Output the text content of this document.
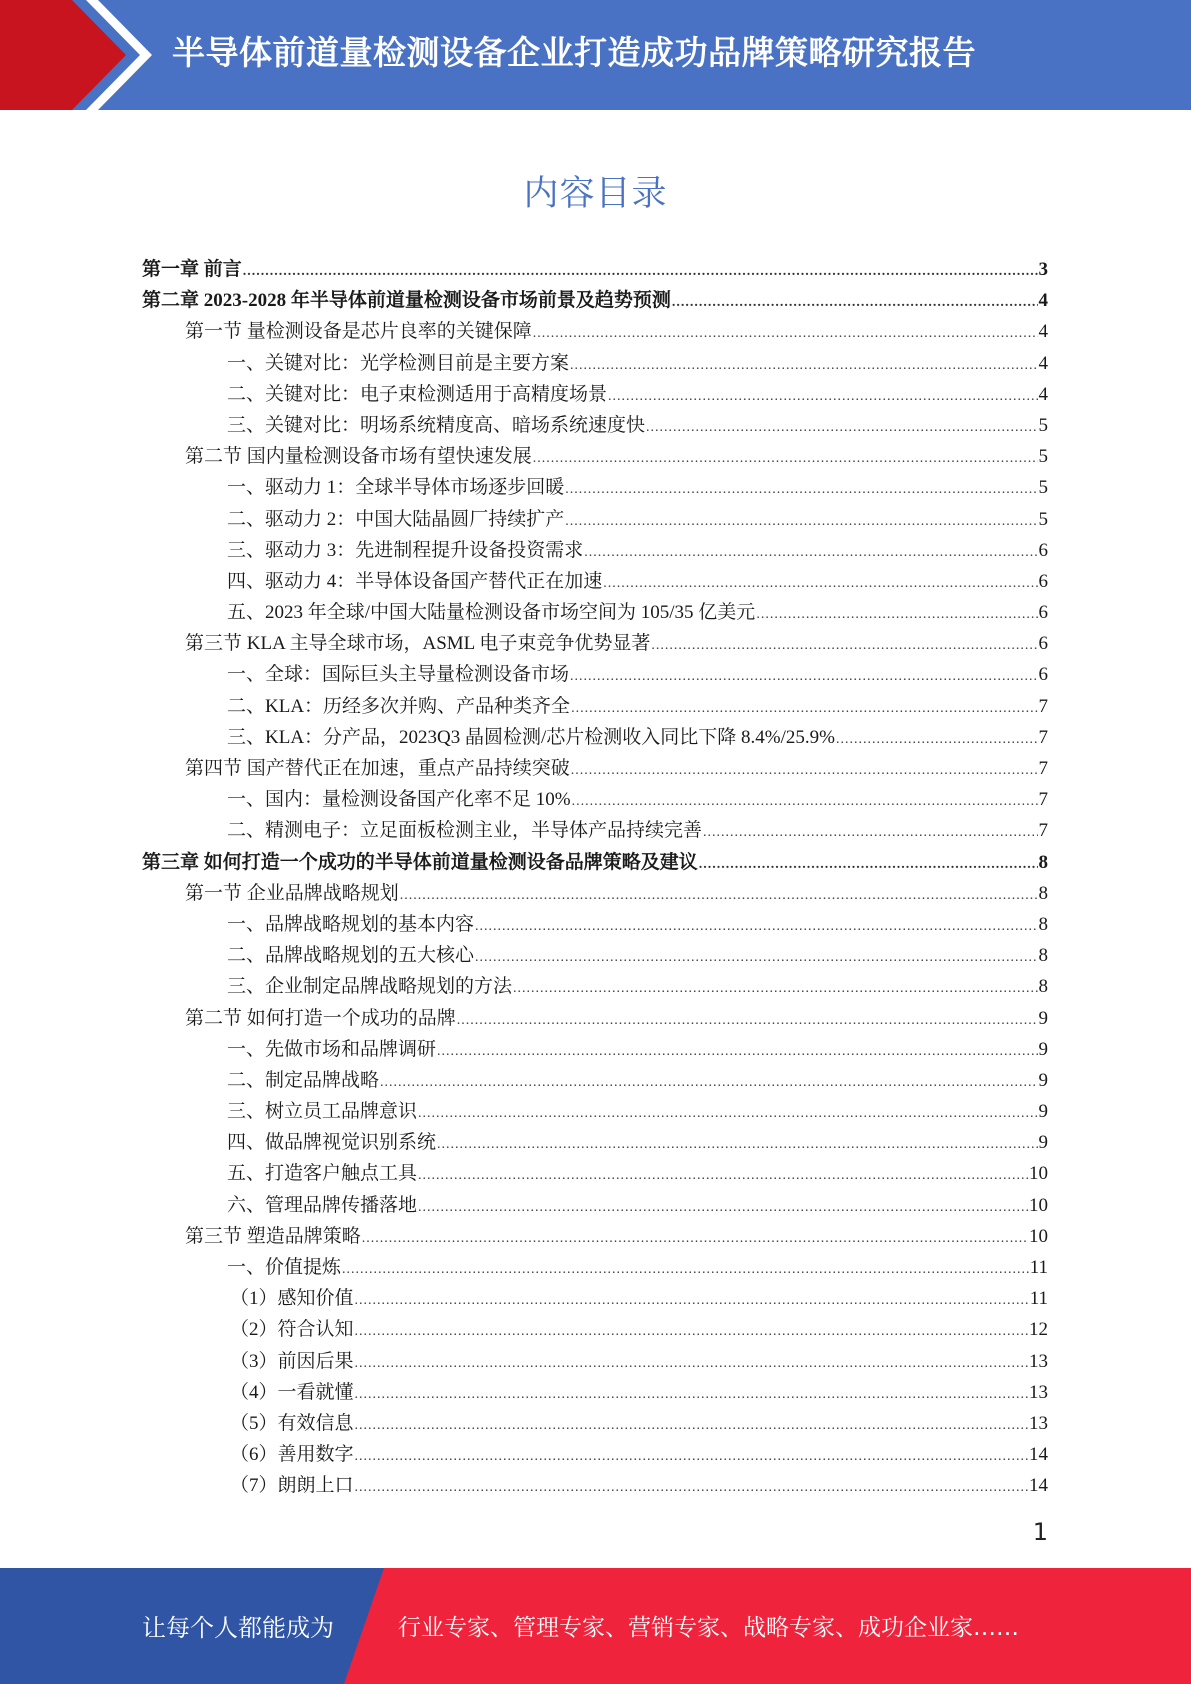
半导体前道量检测设备企业打造成功品牌策略研究报告
内容目录
第一章 前言 .....	3
第二章 2023-2028 年半导体前道量检测设备市场前景及趋势预测 .....	4
第一节 量检测设备是芯片良率的关键保障 .....	4
一、关键对比：光学检测目前是主要方案 .....	4
二、关键对比：电子束检测适用于高精度场景 .....	4
三、关键对比：明场系统精度高、暗场系统速度快 .....	5
第二节 国内量检测设备市场有望快速发展 .....	5
一、驱动力 1：全球半导体市场逐步回暖 .....	5
二、驱动力 2：中国大陆晶圆厂持续扩产 .....	5
三、驱动力 3：先进制程提升设备投资需求 .....	6
四、驱动力 4：半导体设备国产替代正在加速 .....	6
五、2023 年全球/中国大陆量检测设备市场空间为 105/35 亿美元 .....	6
第三节 KLA 主导全球市场，ASML 电子束竞争优势显著 .....	6
一、全球：国际巨头主导量检测设备市场 .....	6
二、KLA：历经多次并购、产品种类齐全 .....	7
三、KLA：分产品，2023Q3 晶圆检测/芯片检测收入同比下降 8.4%/25.9% .....	7
第四节 国产替代正在加速，重点产品持续突破 .....	7
一、国内：量检测设备国产化率不足 10% .....	7
二、精测电子：立足面板检测主业，半导体产品持续完善 .....	7
第三章 如何打造一个成功的半导体前道量检测设备品牌策略及建议 .....	8
第一节 企业品牌战略规划 .....	8
一、品牌战略规划的基本内容 .....	8
二、品牌战略规划的五大核心 .....	8
三、企业制定品牌战略规划的方法 .....	8
第二节 如何打造一个成功的品牌 .....	9
一、先做市场和品牌调研 .....	9
二、制定品牌战略 .....	9
三、树立员工品牌意识 .....	9
四、做品牌视觉识别系统 .....	9
五、打造客户触点工具 .....	10
六、管理品牌传播落地 .....	10
第三节 塑造品牌策略 .....	10
一、价值提炼 .....	11
（1）感知价值 .....	11
（2）符合认知 .....	12
（3）前因后果 .....	13
（4）一看就懂 .....	13
（5）有效信息 .....	13
（6）善用数字 .....	14
（7）朗朗上口 .....	14
1
让每个人都能成为	行业专家、管理专家、营销专家、战略专家、成功企业家……
